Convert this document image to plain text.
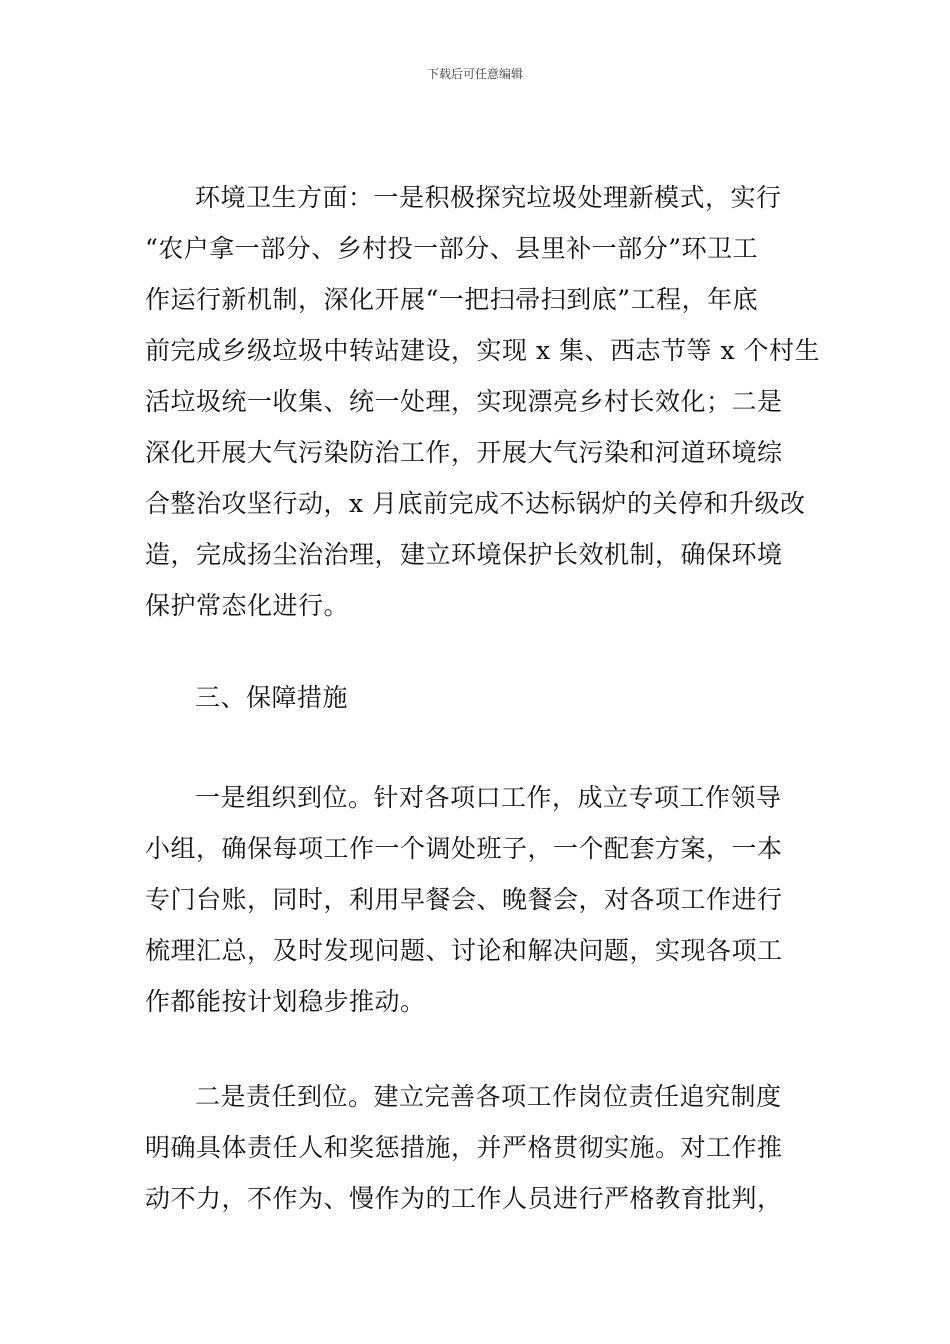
下载后可任意编辑
环境卫生方面：一是积极探究垃圾处理新模式，实行
“农户拿一部分、乡村投一部分、县里补一部分”环卫工
作运行新机制，深化开展“一把扫帚扫到底”工程，年底
前完成乡级垃圾中转站建设，实现 x 集、西志节等 x 个村生
活垃圾统一收集、统一处理，实现漂亮乡村长效化；二是
深化开展大气污染防治工作，开展大气污染和河道环境综
合整治攻坚行动，x 月底前完成不达标锅炉的关停和升级改
造，完成扬尘治治理，建立环境保护长效机制，确保环境
保护常态化进行。
三、保障措施
一是组织到位。针对各项口工作，成立专项工作领导
小组，确保每项工作一个调处班子，一个配套方案，一本
专门台账，同时，利用早餐会、晚餐会，对各项工作进行
梳理汇总，及时发现问题、讨论和解决问题，实现各项工
作都能按计划稳步推动。
二是责任到位。建立完善各项工作岗位责任追究制度
明确具体责任人和奖惩措施，并严格贯彻实施。对工作推
动不力，不作为、慢作为的工作人员进行严格教育批判，
